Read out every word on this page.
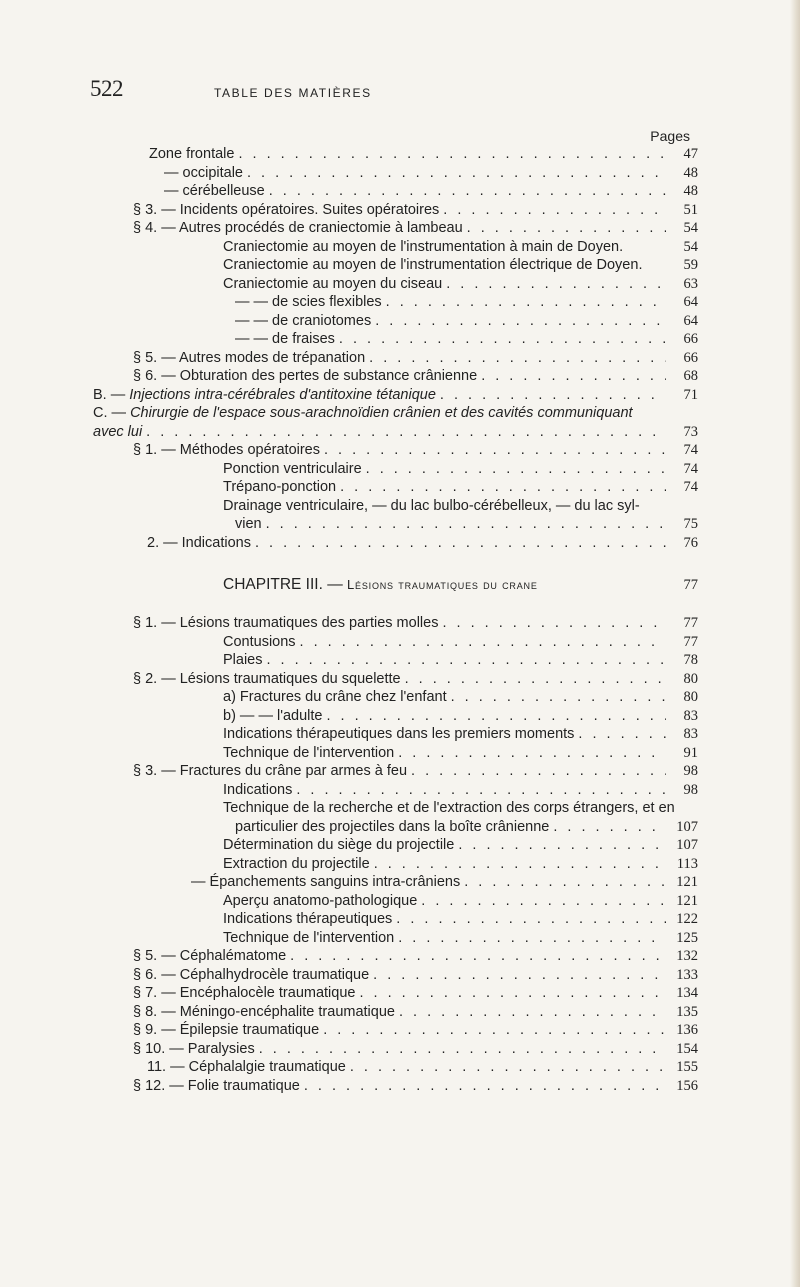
522	TABLE DES MATIÈRES
Pages
Zone frontale . . .	47
— occipitale . . .	48
— cérébelleuse . . .	48
§ 3. — Incidents opératoires. Suites opératoires . . .	51
§ 4. — Autres procédés de craniectomie à lambeau . . .	54
Craniectomie au moyen de l'instrumentation à main de Doyen.	54
Craniectomie au moyen de l'instrumentation électrique de Doyen.	59
Craniectomie au moyen du ciseau . . .	63
— — de scies flexibles . . .	64
— — de craniotomes . . .	64
— — de fraises . . .	66
§ 5. — Autres modes de trépanation . . .	66
§ 6. — Obturation des pertes de substance crânienne . . .	68
B. — Injections intra-cérébrales d'antitoxine tétanique . . .	71
C. — Chirurgie de l'espace sous-arachnoïdien crânien et des cavités communiquant
avec lui . . .	73
§ 1. — Méthodes opératoires . . .	74
Ponction ventriculaire . . .	74
Trépano-ponction . . .	74
Drainage ventriculaire, — du lac bulbo-cérébelleux, — du lac syl-
vien . . .	75
2. — Indications . . .	76
CHAPITRE III. — Lésions traumatiques du crane	77
§ 1. — Lésions traumatiques des parties molles . . .	77
Contusions . . .	77
Plaies . . .	78
§ 2. — Lésions traumatiques du squelette . . .	80
a) Fractures du crâne chez l'enfant . . .	80
b) — — l'adulte . . .	83
Indications thérapeutiques dans les premiers moments . . .	83
Technique de l'intervention . . .	91
§ 3. — Fractures du crâne par armes à feu . . .	98
Indications . . .	98
Technique de la recherche et de l'extraction des corps étrangers, et en
particulier des projectiles dans la boîte crânienne . . .	107
Détermination du siège du projectile . . .	107
Extraction du projectile . . .	113
— Épanchements sanguins intra-crâniens . . .	121
Aperçu anatomo-pathologique . . .	121
Indications thérapeutiques . . .	122
Technique de l'intervention . . .	125
§ 5. — Céphalématome . . .	132
§ 6. — Céphalhydrocèle traumatique . . .	133
§ 7. — Encéphalocèle traumatique . . .	134
§ 8. — Méningo-encéphalite traumatique . . .	135
§ 9. — Épilepsie traumatique . . .	136
§ 10. — Paralysies . . .	154
11. — Céphalalgie traumatique . . .	155
§ 12. — Folie traumatique . . .	156
